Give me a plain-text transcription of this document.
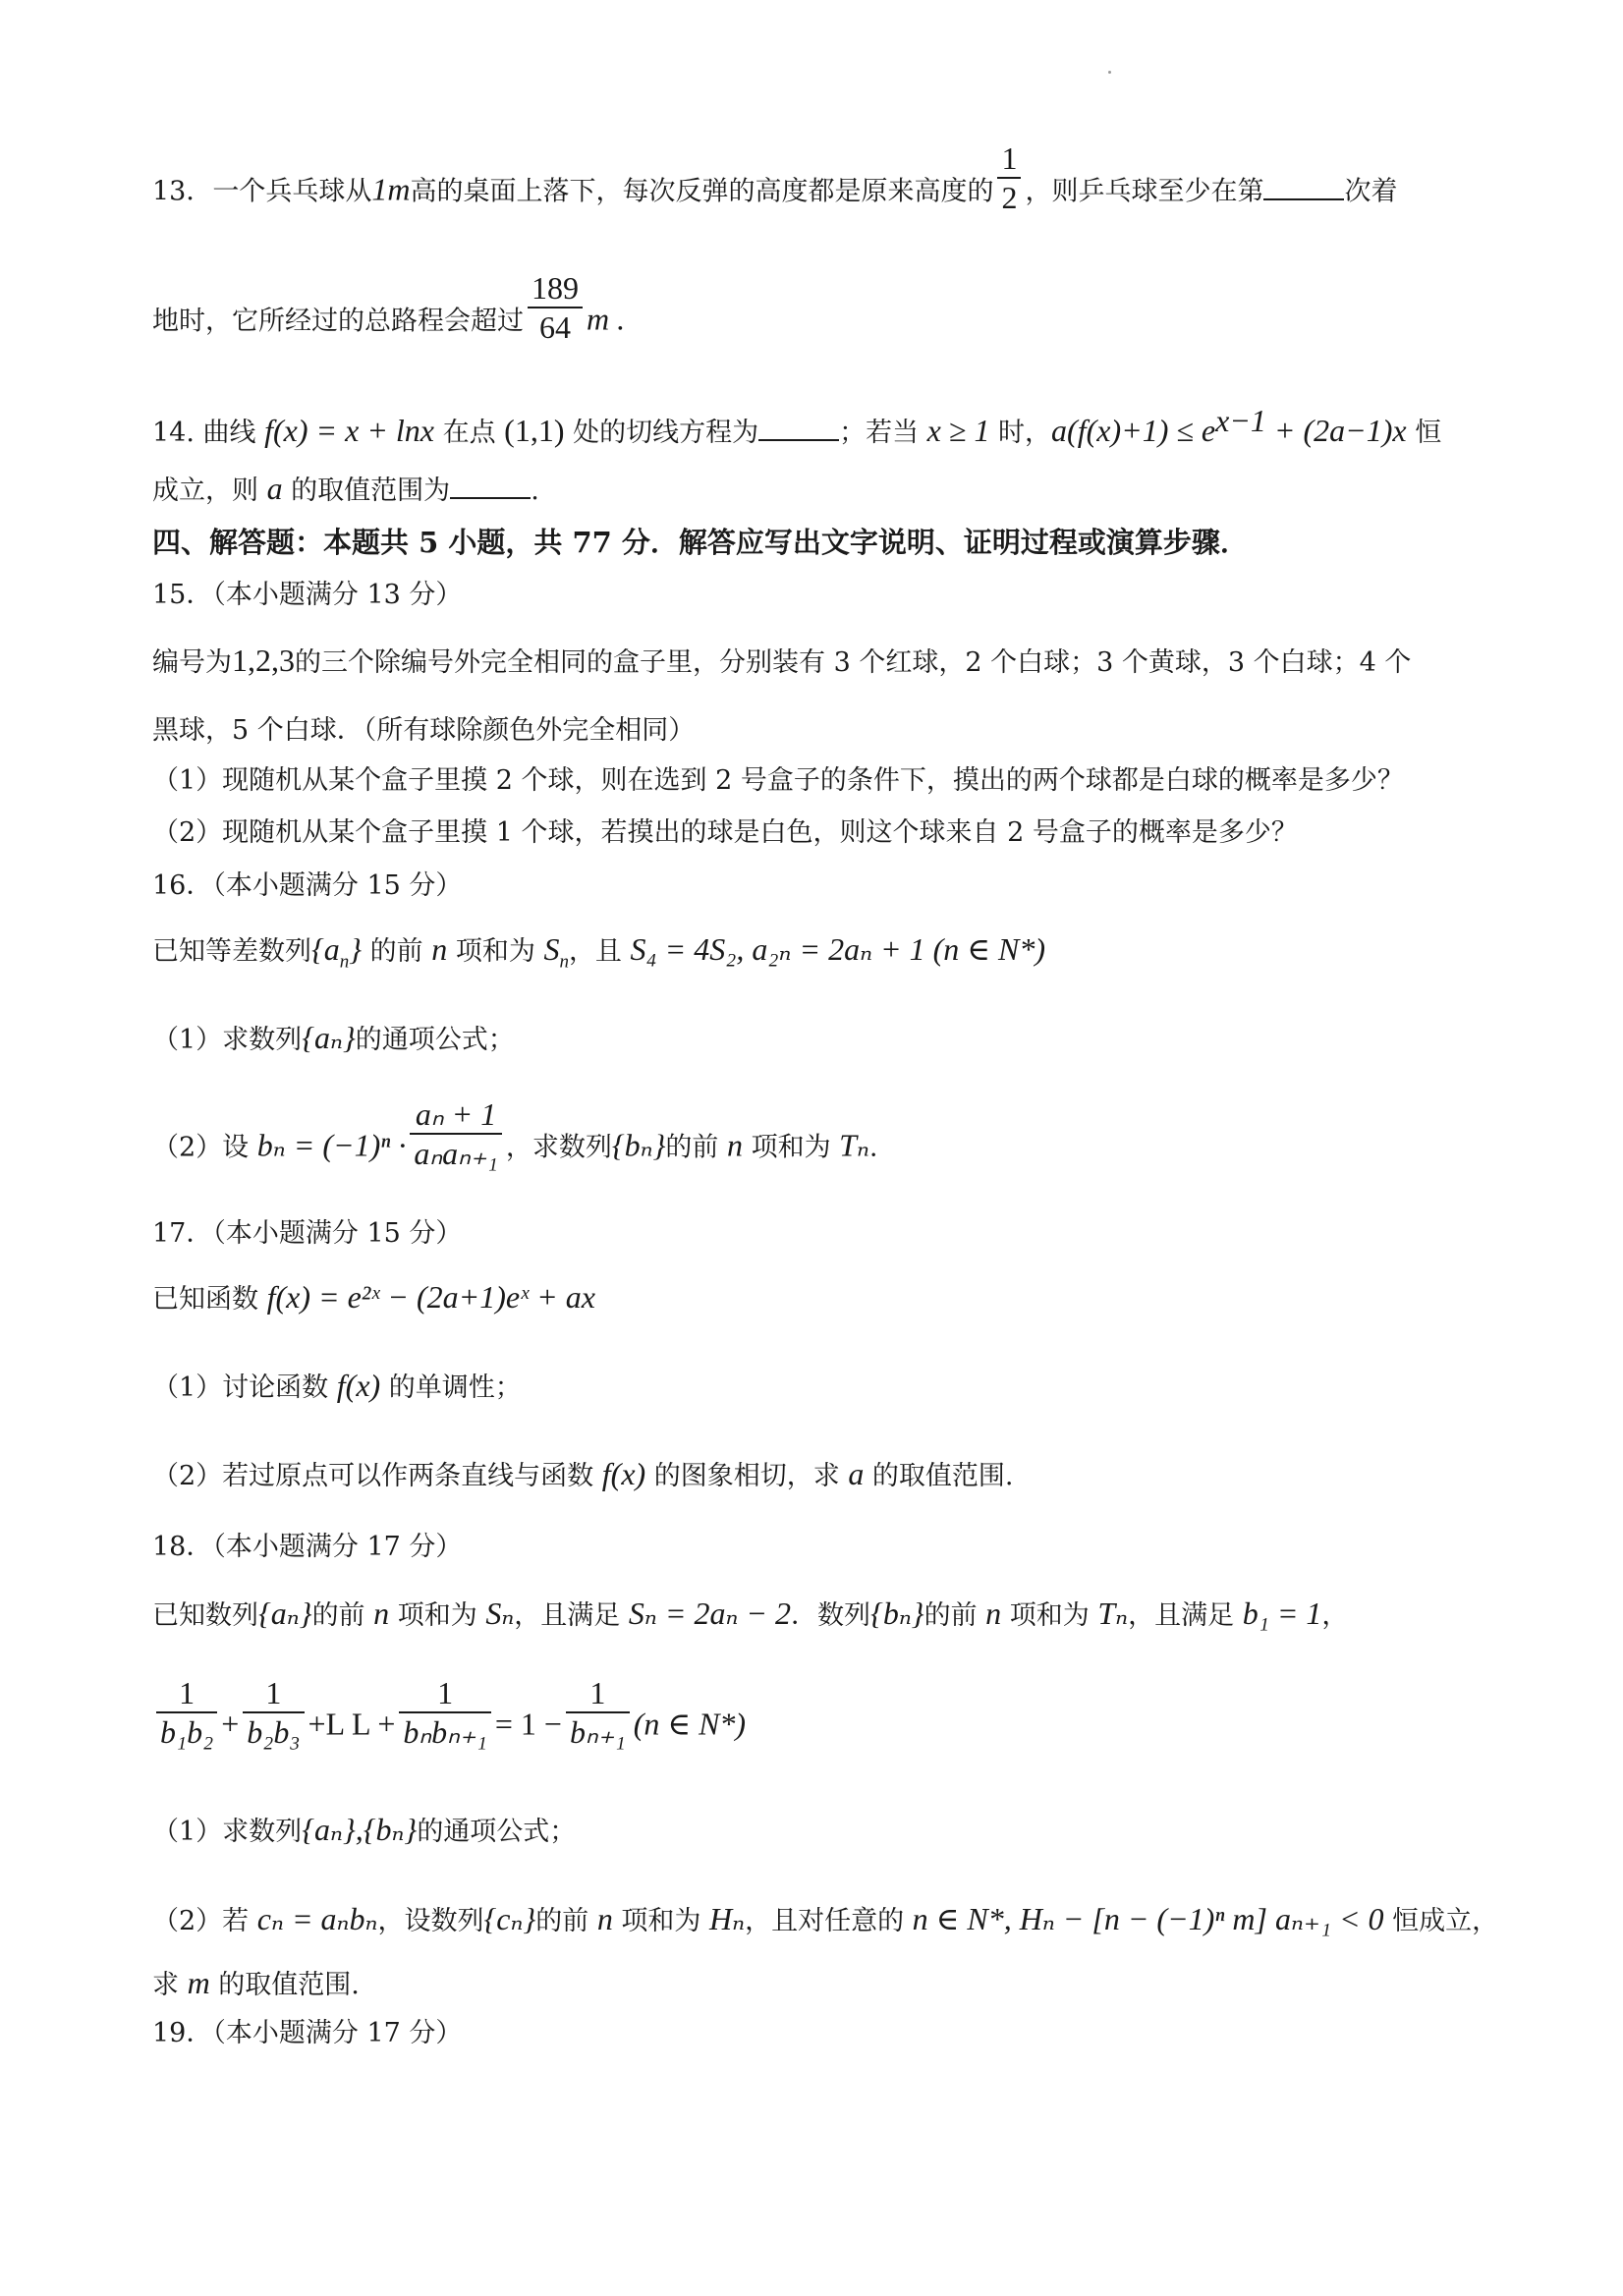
13．一个兵乓球从1m高的桌面上落下，每次反弹的高度都是原来高度的 $\frac{1}{2}$ ，则乒乓球至少在第	次着
地时，它所经过的总路程会超过 $\frac{189}{64}$ m .
14. 曲线 f(x) = x + lnx 在点 (1,1) 处的切线方程为	；若当 x ≥ 1 时，$a(f(x)+1) \le e^{x-1} + (2a-1)x$ 恒
成立，则 a 的取值范围为	.
四、解答题：本题共 5 小题，共 77 分．解答应写出文字说明、证明过程或演算步骤．
15．（本小题满分 13 分）
编号为1,2,3的三个除编号外完全相同的盒子里，分别装有 3 个红球，2 个白球；3 个黄球，3 个白球；4 个
黑球，5 个白球．（所有球除颜色外完全相同）
（1）现随机从某个盒子里摸 2 个球，则在选到 2 号盒子的条件下，摸出的两个球都是白球的概率是多少？
（2）现随机从某个盒子里摸 1 个球，若摸出的球是白色，则这个球来自 2 号盒子的概率是多少？
16．（本小题满分 15 分）
已知等差数列$\{a_n\}$ 的前 n 项和为 $S_n$，且 S₄ = 4S₂, a₂ₙ = 2aₙ + 1 (n ∈ N*)
（1）求数列{aₙ}的通项公式；
（2）设 $b_n = (-1)^n \cdot \frac{\text{aₙ + 1}}{\text{aₙaₙ₊₁}}$ ，求数列{bₙ}的前 n 项和为 Tₙ.
17．（本小题满分 15 分）
已知函数 f(x) = e²ˣ − (2a+1)eˣ + ax
（1）讨论函数 f(x) 的单调性；
（2）若过原点可以作两条直线与函数 f(x) 的图象相切，求 a 的取值范围.
18．（本小题满分 17 分）
已知数列{aₙ}的前 n 项和为 Sₙ，且满足 Sₙ = 2aₙ − 2．数列{bₙ}的前 n 项和为 Tₙ，且满足 b₁ = 1，
$\frac{1}{\text{b₁b₂}} + \frac{1}{\text{b₂b₃}} +L$ $L + \frac{1}{\text{bₙbₙ₊₁}} = 1 - \frac{1}{\text{bₙ₊₁}} (n$ ∈ N*)
（1）求数列{aₙ},{bₙ}的通项公式；
（2）若 cₙ = aₙbₙ，设数列{cₙ}的前 n 项和为 Hₙ，且对任意的 n ∈ N*, Hₙ − [n − (−1)ⁿ m] aₙ₊₁ < 0 恒成立，
求 m 的取值范围.
19．（本小题满分 17 分）
